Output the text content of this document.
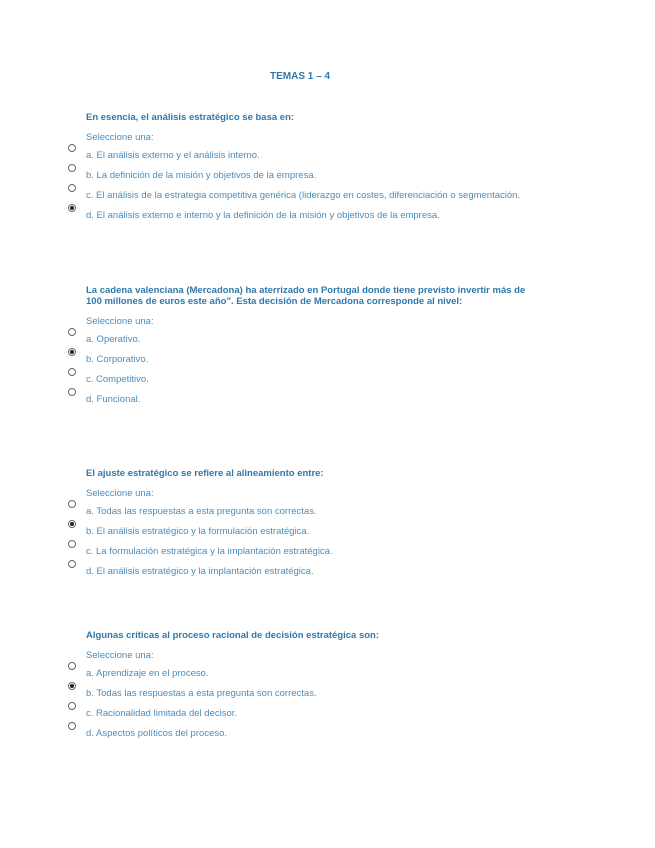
TEMAS 1 – 4
En esencia, el análisis estratégico se basa en:
Seleccione una:
a. El análisis externo y el análisis interno.
b. La definición de la misión y objetivos de la empresa.
c. El análisis de la estrategia competitiva genérica (liderazgo en costes, diferenciación o segmentación.
d. El análisis externo e interno y la definición de la misión y objetivos de la empresa.
La cadena valenciana (Mercadona) ha aterrizado en Portugal donde tiene previsto invertir más de 100 millones de euros este año". Esta decisión de Mercadona corresponde al nivel:
Seleccione una:
a. Operativo.
b. Corporativo.
c. Competitivo.
d. Funcional.
El ajuste estratégico se refiere al alineamiento entre:
Seleccione una:
a. Todas las respuestas a esta pregunta son correctas.
b. El análisis estratégico y la formulación estratégica.
c. La formulación estratégica y la implantación estratégica.
d. El análisis estratégico y la implantación estratégica.
Algunas críticas al proceso racional de decisión estratégica son:
Seleccione una:
a. Aprendizaje en el proceso.
b. Todas las respuestas a esta pregunta son correctas.
c. Racionalidad limitada del decisor.
d. Aspectos políticos del proceso.
